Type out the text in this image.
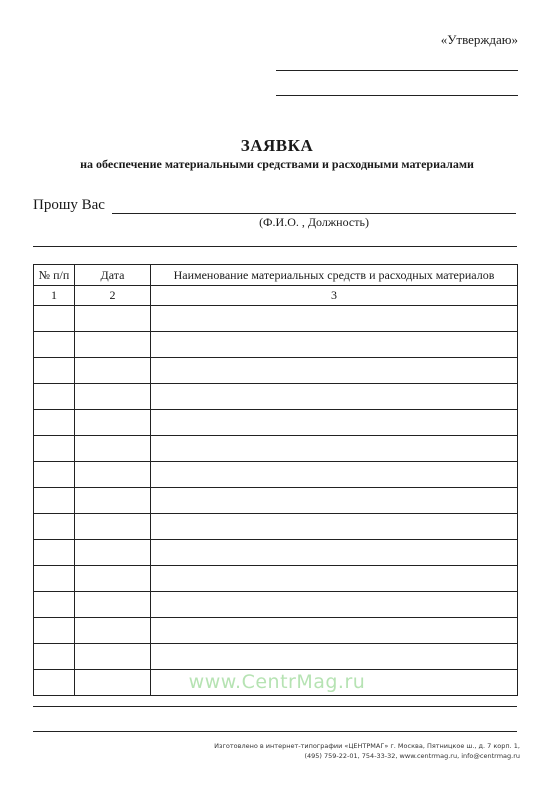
«Утверждаю»
ЗАЯВКА
на обеспечение материальными средствами и расходными материалами
Прошу Вас
(Ф.И.О. , Должность)
№ п/п	Дата	Наименование материальных средств и расходных материалов
1	2	3

www.CentrMag.ru
Изготовлено в интернет-типографии «ЦЕНТРМАГ» г. Москва, Пятницкое ш., д. 7 корп. 1,
(495) 759-22-01, 754-33-32, www.centrmag.ru, info@centrmag.ru
